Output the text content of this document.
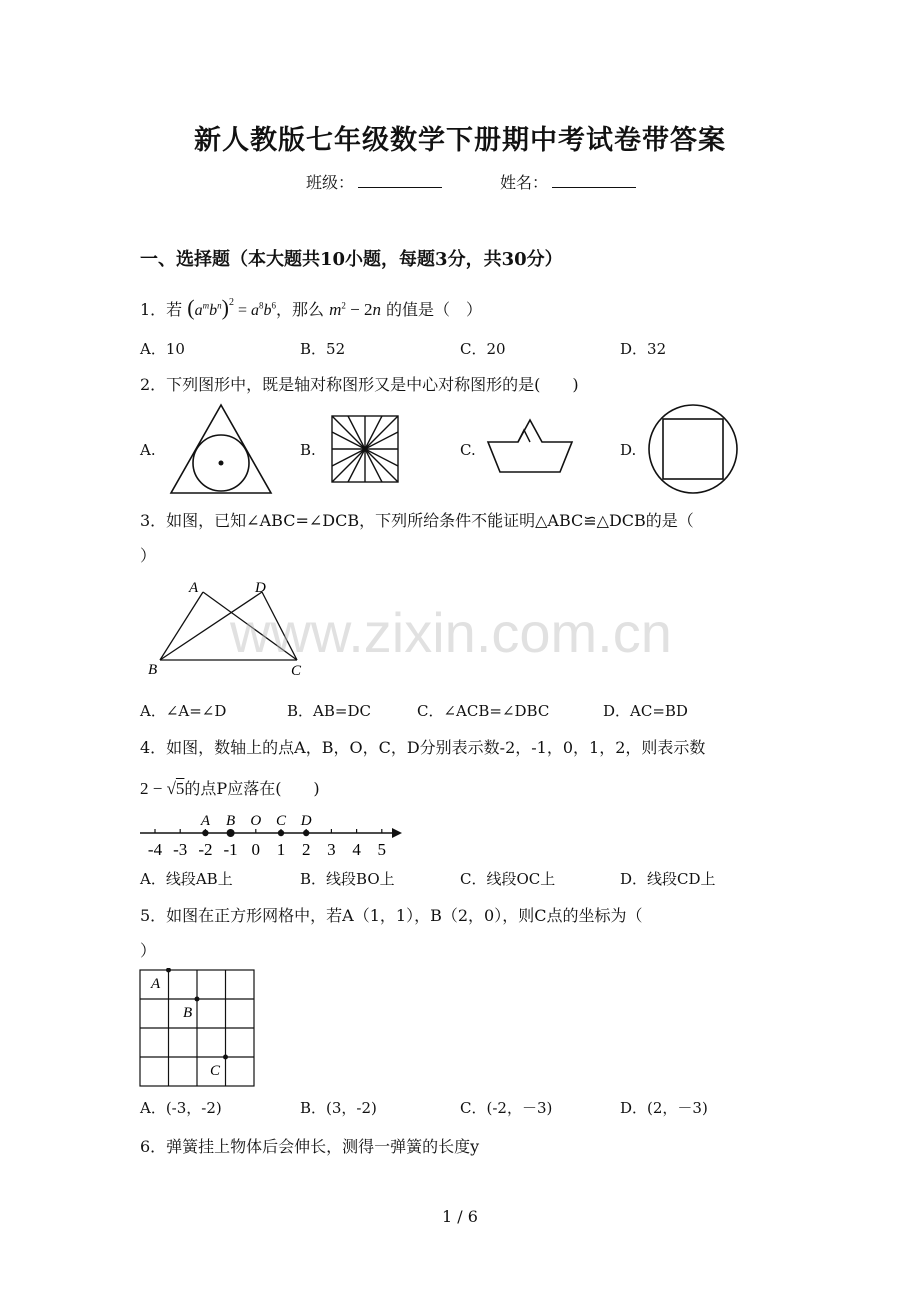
新人教版七年级数学下册期中考试卷带答案
班级：	姓名：
一、选择题（本大题共10小题，每题3分，共30分）
1．若 $(a^mb^n)^2 = a^8b^6$，那么 $m^2 - 2n$ 的值是（　）
A．10	B．52	C．20	D．32
2．下列图形中，既是轴对称图形又是中心对称图形的是(　　)
A.	B.	C.	D.
3．如图，已知∠ABC=∠DCB，下列所给条件不能证明△ABC≌△DCB的是（
）
A	D
B	C
A．∠A=∠D	B．AB=DC	C．∠ACB=∠DBC	D．AC=BD
4．如图，数轴上的点A，B，O，C，D分别表示数-2，-1，0，1，2，则表示数
2 − √5的点P应落在(　　)
-4 -3 -2 -1 0 1 2 3 4 5
A B O C D
A．线段AB上	B．线段BO上	C．线段OC上	D．线段CD上
5．如图在正方形网格中，若A（1，1），B（2，0），则C点的坐标为（
）
A
B
C
A．(-3，-2)	B．(3，-2)	C．(-2，－3)	D．(2，－3)
6．弹簧挂上物体后会伸长，测得一弹簧的长度y
www.zixin.com.cn
1 / 6
